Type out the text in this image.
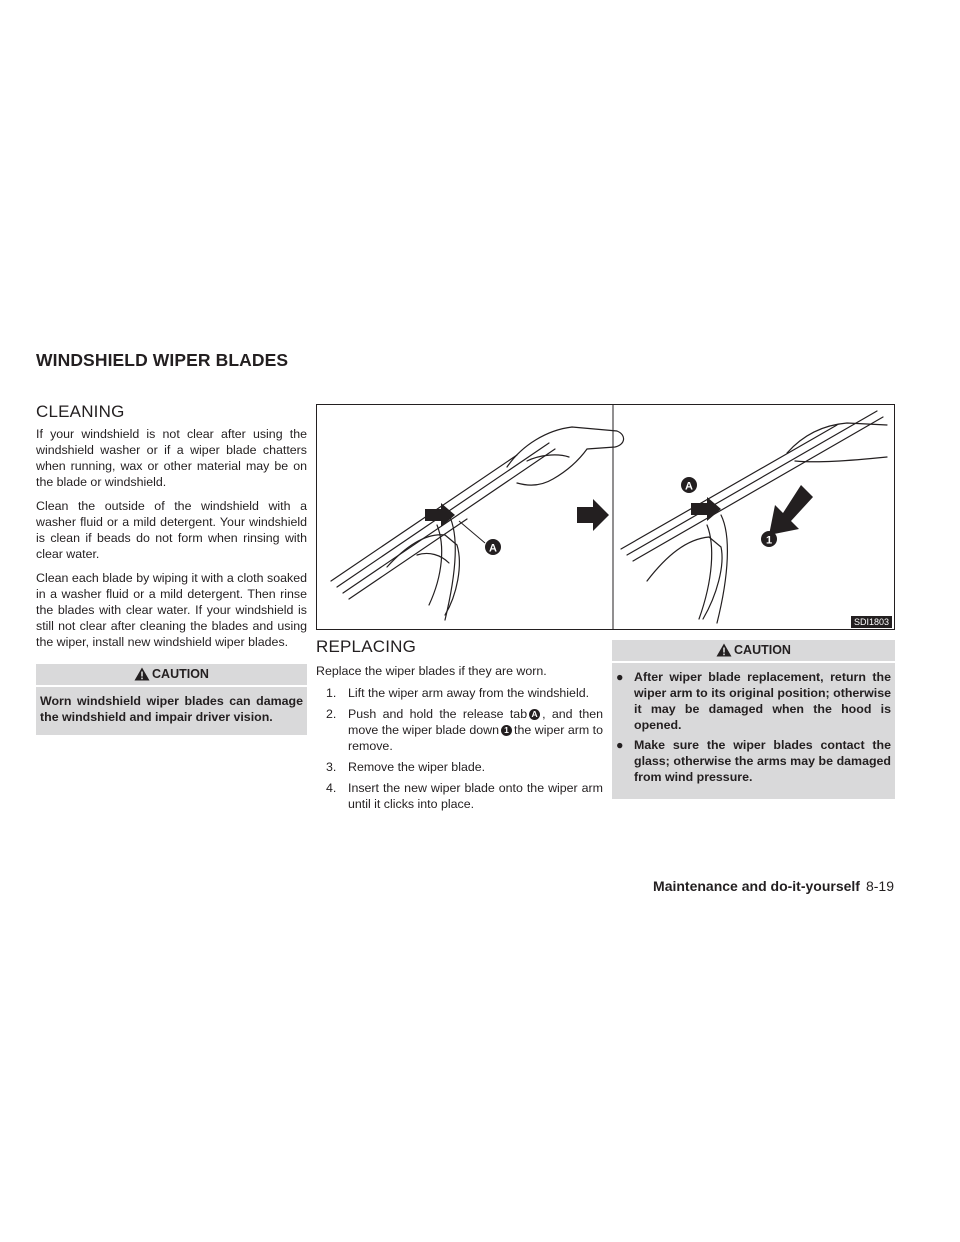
WINDSHIELD WIPER BLADES
CLEANING

If your windshield is not clear after using the windshield washer or if a wiper blade chatters when running, wax or other material may be on the blade or windshield.

Clean the outside of the windshield with a washer fluid or a mild detergent. Your windshield is clean if beads do not form when rinsing with clear water.

Clean each blade by wiping it with a cloth soaked in a washer fluid or a mild detergent. Then rinse the blades with clear water. If your windshield is still not clear after cleaning the blades and using the wiper, install new windshield wiper blades.

CAUTION
Worn windshield wiper blades can damage the windshield and impair driver vision.
A
A
1
SDI1803
REPLACING

Replace the wiper blades if they are worn.

1. Lift the wiper arm away from the windshield.
2. Push and hold the release tab A , and then move the wiper blade down 1 the wiper arm to remove.
3. Remove the wiper blade.
4. Insert the new wiper blade onto the wiper arm until it clicks into place.
CAUTION
● After wiper blade replacement, return the wiper arm to its original position; otherwise it may be damaged when the hood is opened.
● Make sure the wiper blades contact the glass; otherwise the arms may be damaged from wind pressure.
Maintenance and do-it-yourself 8-19
